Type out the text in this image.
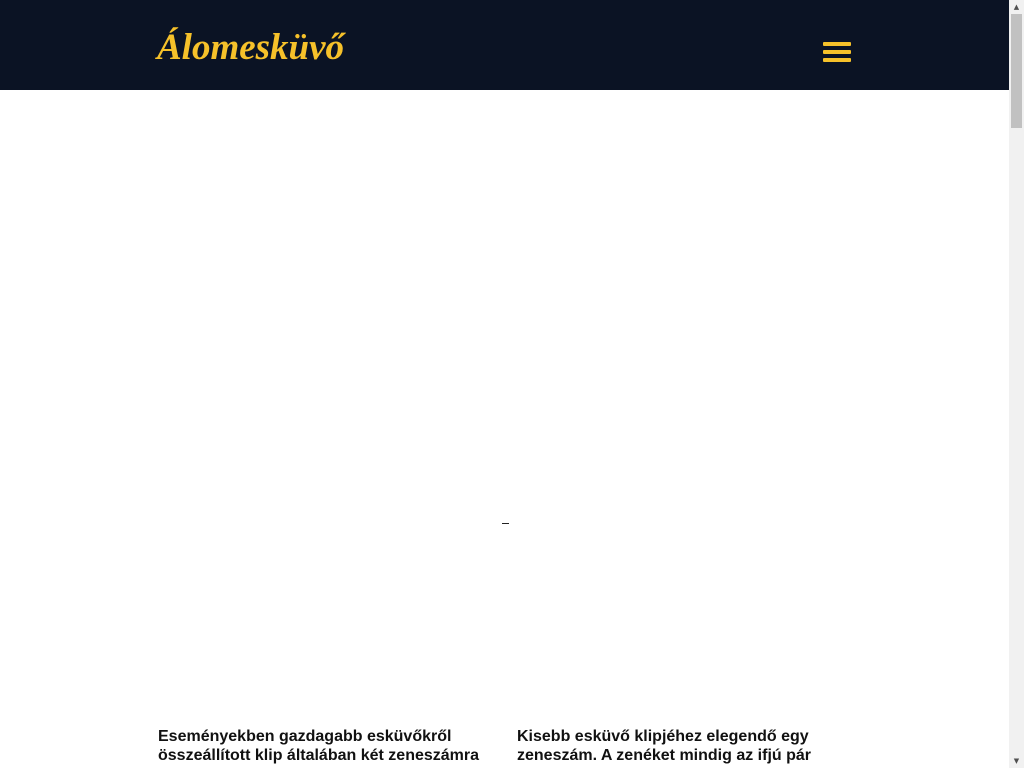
Álomesküvő

Eseményekben gazdagabb esküvőkről összeállított klip általában két zeneszámra

Kisebb esküvő klipjéhez elegendő egy zeneszám. A zenéket mindig az ifjú pár

▲
▼
